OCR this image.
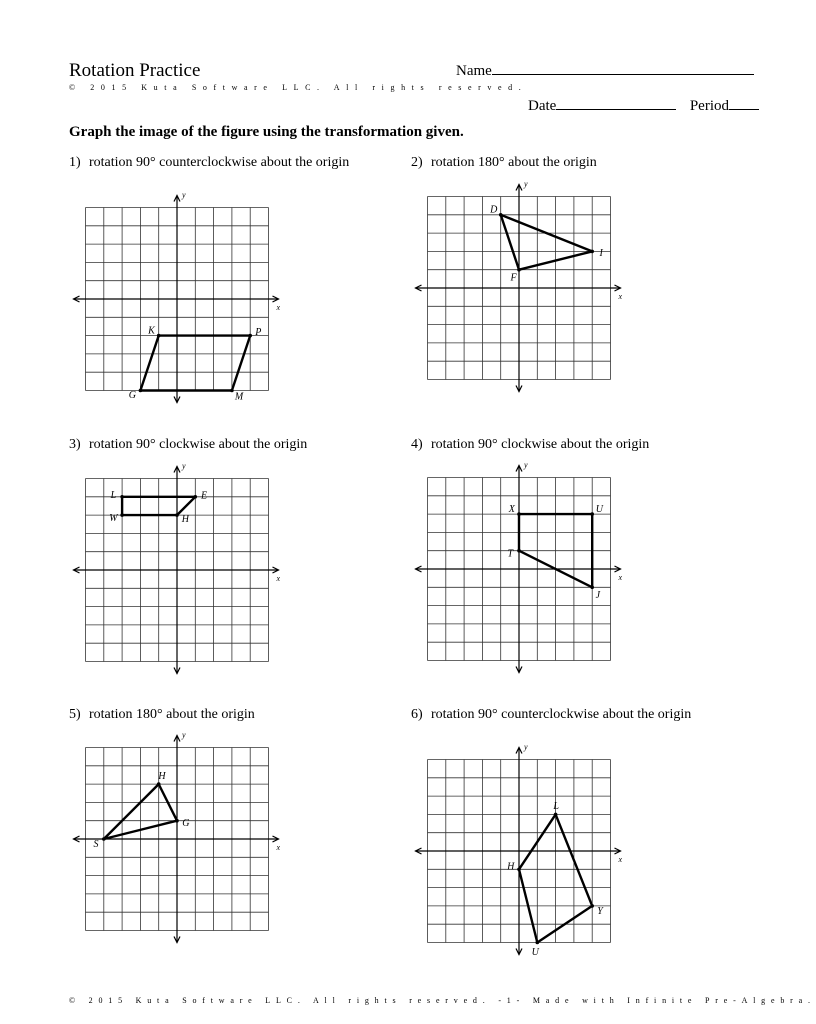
Rotation Practice
© 2015 Kuta Software LLC. All rights reserved.
Name
Date	Period
Graph the image of the figure using the transformation given.
1) rotation 90° counterclockwise about the origin	2) rotation 180° about the origin
3) rotation 90° clockwise about the origin	4) rotation 90° clockwise about the origin
5) rotation 180° about the origin	6) rotation 90° counterclockwise about the origin
x
y
K	P
M
G
x
y
D
I
F
x
y
L	E
H
W
x
y
X	U
J
T
x
y
H
G
S
x
y
L
Y
U
H
© 2015 Kuta Software LLC. All rights reserved. -1- Made with Infinite Pre-Algebra.
